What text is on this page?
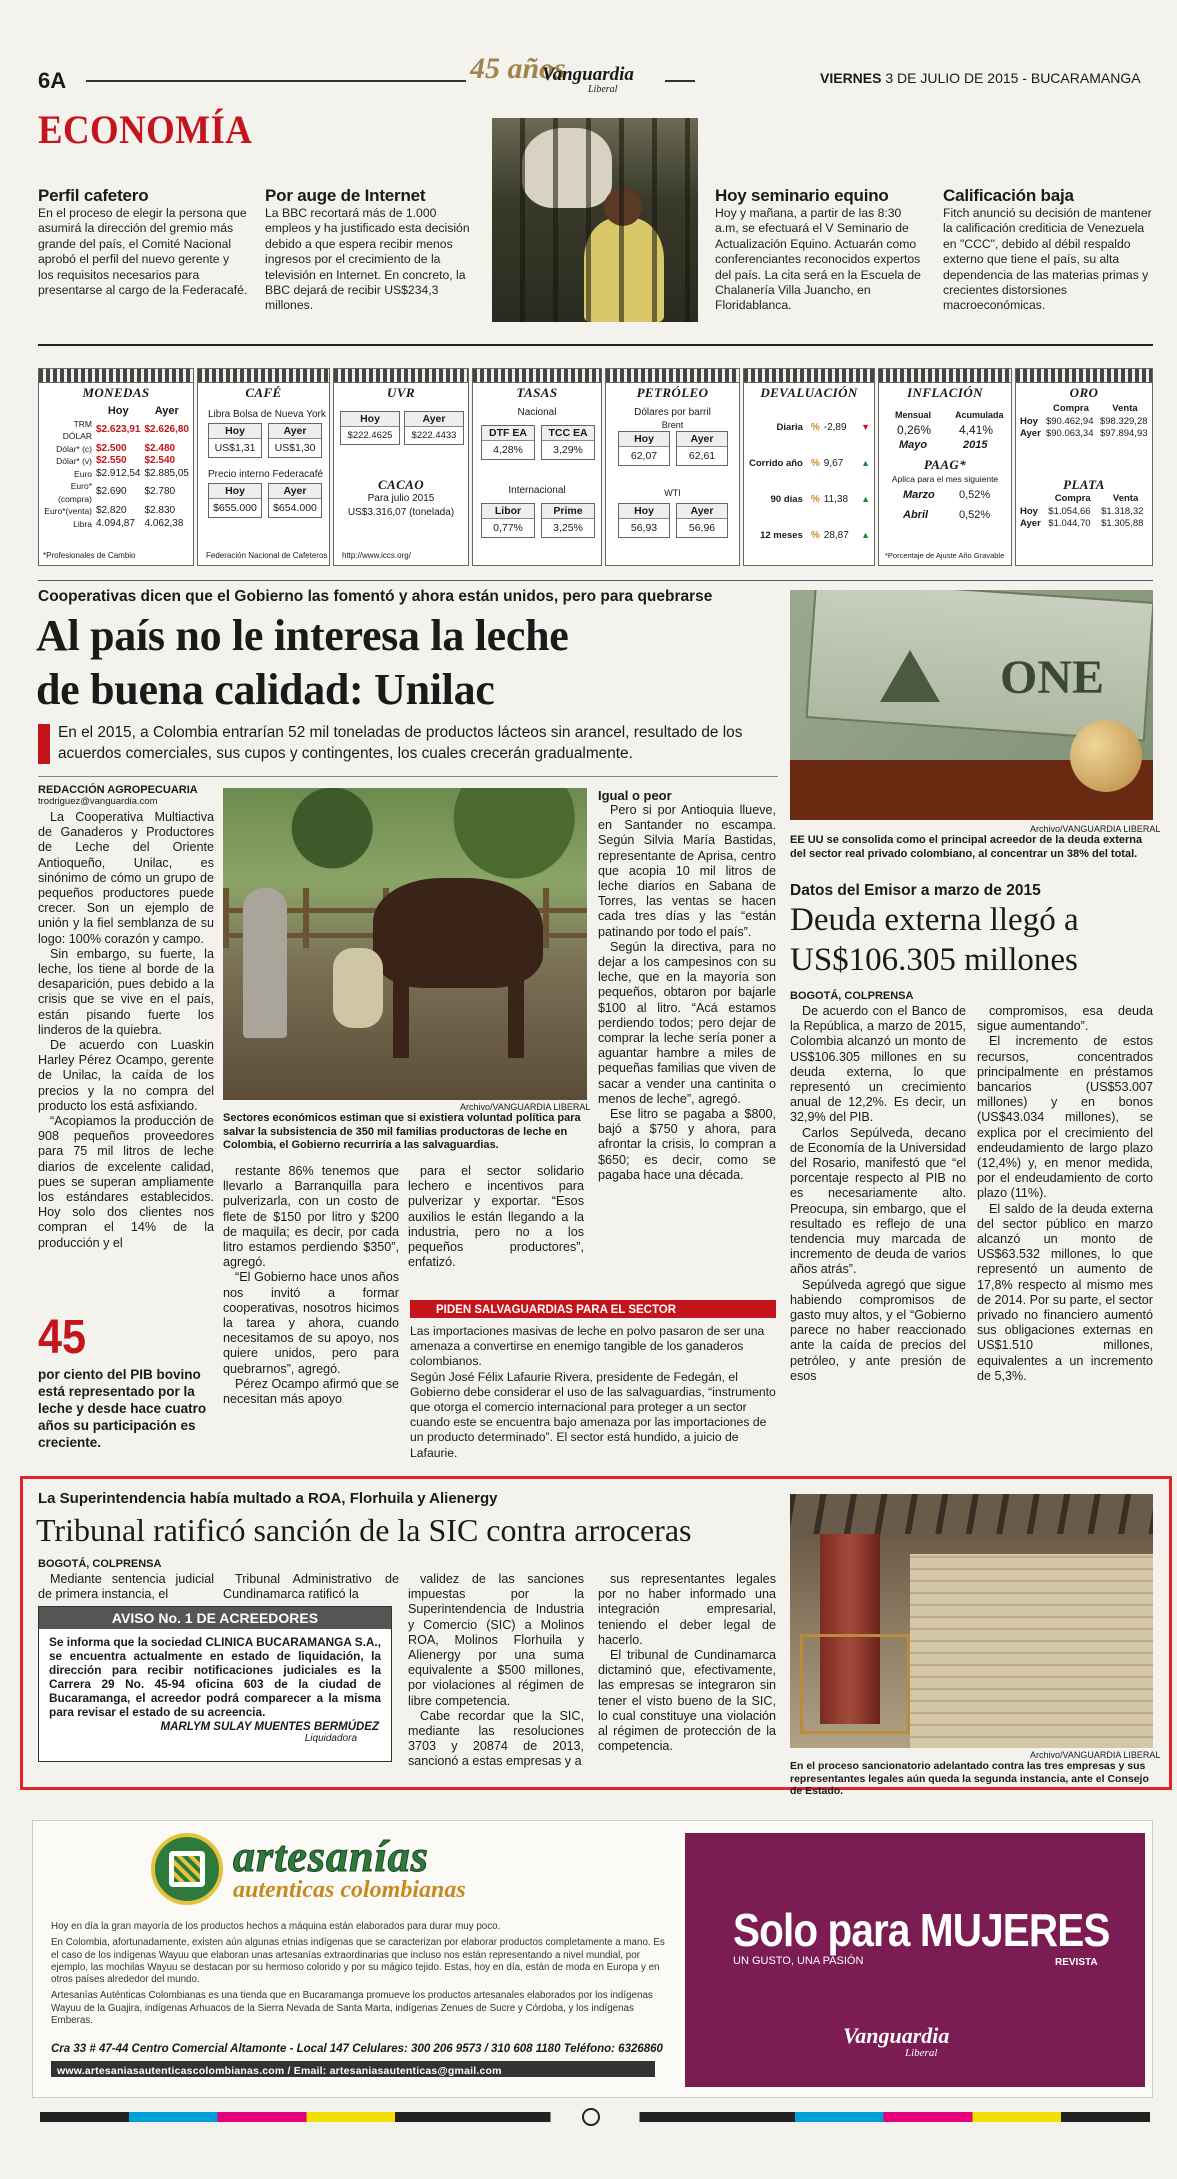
6A	45 años
Vanguardia
Liberal
VIERNES 3 DE JULIO DE 2015 - BUCARAMANGA
ECONOMÍA
Perfil cafetero
En el proceso de elegir la persona que asumirá la dirección del gremio más grande del país, el Comité Nacional aprobó el perfil del nuevo gerente y los requisitos necesarios para presentarse al cargo de la Federacafé.
Por auge de Internet
La BBC recortará más de 1.000 empleos y ha justificado esta decisión debido a que espera recibir menos ingresos por el crecimiento de la televisión en Internet. En concreto, la BBC dejará de recibir US$234,3 millones.
Hoy seminario equino
Hoy y mañana, a partir de las 8:30 a.m, se efectuará el V Seminario de Actualización Equino. Actuarán como conferenciantes reconocidos expertos del país. La cita será en la Escuela de Chalanería Villa Juancho, en Floridablanca.
Calificación baja
Fitch anunció su decisión de mantener la calificación crediticia de Venezuela en "CCC", debido al débil respaldo externo que tiene el país, su alta dependencia de las materias primas y crecientes distorsiones macroeconómicas.
MONEDAS
	Hoy	Ayer
TRM DÓLAR	$2.623,91	$2.626,80
Dólar* (c)	$2.500	$2.480
Dólar* (v)	$2.550	$2.540
Euro	$2.912,54	$2.885,05
Euro*(compra)	$2.690	$2.780
Euro*(venta)	$2.820	$2.830
Libra	4.094,87	4.062,38
*Profesionales de Cambio
CAFÉ
Libra Bolsa de Nueva York
Hoy
US$1,31
Ayer
US$1,30
Precio interno Federacafé
Hoy
$655.000
Ayer
$654.000
Federación Nacional de Cafeteros
UVR
Hoy
$222.4625
Ayer
$222.4433
CACAO
Para julio 2015
US$3.316,07 (tonelada)
http://www.iccs.org/
TASAS
Nacional
DTF EA
4,28%
TCC EA
3,29%
Internacional
Libor
0,77%
Prime
3,25%
PETRÓLEO
Dólares por barril
Brent
Hoy
62,07
Ayer
62,61
WTI
Hoy
56,93
Ayer
56,96
DEVALUACIÓN
Diaria % -2,89	▼
Corrido año % 9,67	▲
90 días % 11,38	▲
12 meses % 28,87	▲
INFLACIÓN
Mensual	Acumulada
0,26% 4,41%
Mayo	2015
PAAG*
Aplica para el mes siguiente
Marzo 0,52%
Abril	0,52%
*Porcentaje de Ajuste Año Gravable
ORO
	Compra	Venta
Hoy	$90.462,94	$98.329,28
Ayer	$90.063,34	$97.894,93
PLATA
	Compra	Venta
Hoy	$1.054,66	$1.318,32
Ayer	$1.044,70	$1.305,88
Cooperativas dicen que el Gobierno las fomentó y ahora están unidos, pero para quebrarse
Al país no le interesa la leche
de buena calidad: Unilac
En el 2015, a Colombia entrarían 52 mil toneladas de productos lácteos sin arancel, resultado de los acuerdos comerciales, sus cupos y contingentes, los cuales crecerán gradualmente.
Archivo/VANGUARDIA LIBERAL
Sectores económicos estiman que si existiera voluntad política para salvar la subsistencia de 350 mil familias productoras de leche en Colombia, el Gobierno recurriría a las salvaguardias.
REDACCIÓN AGROPECUARIA
trodriguez@vanguardia.com

La Cooperativa Multiactiva de Ganaderos y Productores de Leche del Oriente Antioqueño, Unilac, es sinónimo de cómo un grupo de pequeños productores puede crecer. Son un ejemplo de unión y la fiel semblanza de su logo: 100% corazón y campo.

Sin embargo, su fuerte, la leche, los tiene al borde de la desaparición, pues debido a la crisis que se vive en el país, están pisando fuerte los linderos de la quiebra.

De acuerdo con Luaskin Harley Pérez Ocampo, gerente de Unilac, la caída de los precios y la no compra del producto los está asfixiando.

“Acopiamos la producción de 908 pequeños proveedores para 75 mil litros de leche diarios de excelente calidad, pues se superan ampliamente los estándares establecidos. Hoy solo dos clientes nos compran el 14% de la producción y el

restante 86% tenemos que llevarlo a Barranquilla para pulverizarla, con un costo de flete de $150 por litro y $200 de maquila; es decir, por cada litro estamos perdiendo $350”, agregó.

“El Gobierno hace unos años nos invitó a formar cooperativas, nosotros hicimos la tarea y ahora, cuando necesitamos de su apoyo, nos quiere unidos, pero para quebrarnos”, agregó.

Pérez Ocampo afirmó que se necesitan más apoyo

para el sector solidario lechero e incentivos para pulverizar y exportar. “Esos auxilios le están llegando a la industria, pero no a los pequeños productores”, enfatizó.

Igual o peor

Pero si por Antioquia llueve, en Santander no escampa. Según Silvia María Bastidas, representante de Aprisa, centro que acopia 10 mil litros de leche diarios en Sabana de Torres, las ventas se hacen cada tres días y las “están patinando por todo el país”.

Según la directiva, para no dejar a los campesinos con su leche, que en la mayoría son pequeños, obtaron por bajarle $100 al litro. “Acá estamos perdiendo todos; pero dejar de comprar la leche sería poner a aguantar hambre a miles de pequeñas familias que viven de sacar a vender una cantinita o menos de leche”, agregó.

Ese litro se pagaba a $800, bajó a $750 y ahora, para afrontar la crisis, lo compran a $650; es decir, como se pagaba hace una década.

45
por ciento del PIB bovino está representado por la leche y desde hace cuatro años su participación es creciente.
PIDEN SALVAGUARDIAS PARA EL SECTOR

Las importaciones masivas de leche en polvo pasaron de ser una amenaza a convertirse en enemigo tangible de los ganaderos colombianos.

Según José Félix Lafaurie Rivera, presidente de Fedegán, el Gobierno debe considerar el uso de las salvaguardias, “instrumento que otorga el comercio internacional para proteger a un sector cuando este se encuentra bajo amenaza por las importaciones de un producto determinado”. El sector está hundido, a juicio de Lafaurie.

ONE
Archivo/VANGUARDIA LIBERAL
EE UU se consolida como el principal acreedor de la deuda externa del sector real privado colombiano, al concentrar un 38% del total.
Datos del Emisor a marzo de 2015
Deuda externa llegó a
US$106.305 millones
BOGOTÁ, COLPRENSA

De acuerdo con el Banco de la República, a marzo de 2015, Colombia alcanzó un monto de US$106.305 millones en su deuda externa, lo que representó un crecimiento anual de 12,2%. Es decir, un 32,9% del PIB.

Carlos Sepúlveda, decano de Economía de la Universidad del Rosario, manifestó que “el porcentaje respecto al PIB no es necesariamente alto. Preocupa, sin embargo, que el resultado es reflejo de una tendencia muy marcada de incremento de deuda de varios años atrás”.

Sepúlveda agregó que sigue habiendo compromisos de gasto muy altos, y el “Gobierno parece no haber reaccionado ante la caída de precios del petróleo, y ante presión de esos

compromisos, esa deuda sigue aumentando”.

El incremento de estos recursos, concentrados principalmente en préstamos bancarios (US$53.007 millones) y en bonos (US$43.034 millones), se explica por el crecimiento del endeudamiento de largo plazo (12,4%) y, en menor medida, por el endeudamiento de corto plazo (11%).

El saldo de la deuda externa del sector público en marzo alcanzó un monto de US$63.532 millones, lo que representó un aumento de 17,8% respecto al mismo mes de 2014. Por su parte, el sector privado no financiero aumentó sus obligaciones externas en US$1.510 millones, equivalentes a un incremento de 5,3%.

La Superintendencia había multado a ROA, Florhuila y Alienergy
Tribunal ratificó sanción de la SIC contra arroceras
BOGOTÁ, COLPRENSA

Mediante sentencia judicial de primera instancia, el

Tribunal Administrativo de Cundinamarca ratificó la

validez de las sanciones impuestas por la Superintendencia de Industria y Comercio (SIC) a Molinos ROA, Molinos Florhuila y Alienergy por una suma equivalente a $500 millones, por violaciones al régimen de libre competencia.

Cabe recordar que la SIC, mediante las resoluciones 3703 y 20874 de 2013, sancionó a estas empresas y a

sus representantes legales por no haber informado una integración empresarial, teniendo el deber legal de hacerlo.

El tribunal de Cundinamarca dictaminó que, efectivamente, las empresas se integraron sin tener el visto bueno de la SIC, lo cual constituye una violación al régimen de protección de la competencia.

AVISO No. 1 DE ACREEDORES
Se informa que la sociedad CLINICA BUCARAMANGA S.A., se encuentra actualmente en estado de liquidación, la dirección para recibir notificaciones judiciales es la Carrera 29 No. 45-94 oficina 603 de la ciudad de Bucaramanga, el acreedor podrá comparecer a la misma para revisar el estado de su acreencia.
MARLYM SULAY MUENTES BERMÚDEZ
Liquidadora
Archivo/VANGUARDIA LIBERAL
En el proceso sancionatorio adelantado contra las tres empresas y sus representantes legales aún queda la segunda instancia, ante el Consejo de Estado.
artesanías
autenticas colombianas

Hoy en día la gran mayoría de los productos hechos a máquina están elaborados para durar muy poco.

En Colombia, afortunadamente, existen aún algunas etnias indígenas que se caracterizan por elaborar productos completamente a mano. Es el caso de los indígenas Wayuu que elaboran unas artesanías extraordinarias que incluso nos están representando a nivel mundial, por ejemplo, las mochilas Wayuu se destacan por su hermoso colorido y por su mágico tejido. Estas, hoy en día, están de moda en Europa y en otros países alrededor del mundo.

Artesanías Auténticas Colombianas es una tienda que en Bucaramanga promueve los productos artesanales elaborados por los indígenas Wayuu de la Guajira, indígenas Arhuacos de la Sierra Nevada de Santa Marta, indígenas Zenues de Sucre y Córdoba, y los indígenas Emberas.

Cra 33 # 47-44 Centro Comercial Altamonte - Local 147 Celulares: 300 206 9573 / 310 608 1180 Teléfono: 6326860
www.artesaniasautenticascolombianas.com / Email: artesaniasautenticas@gmail.com
Solo para MUJERES
UN GUSTO, UNA PASIÓN	REVISTA
Vanguardia
Liberal
